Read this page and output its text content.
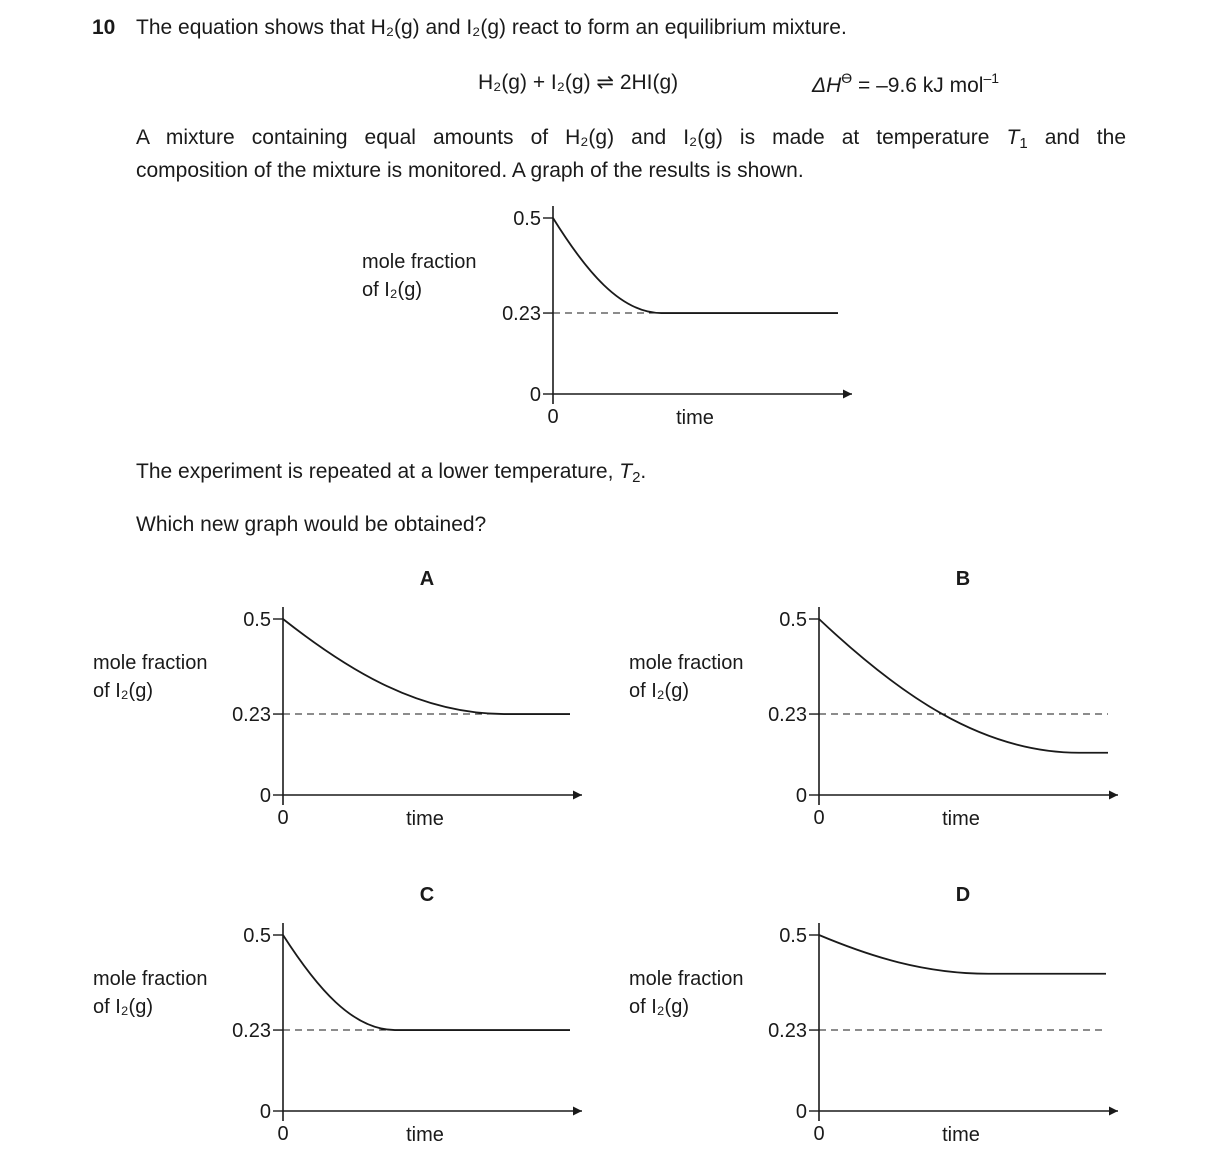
10 The equation shows that H₂(g) and I₂(g) react to form an equilibrium mixture.
H₂(g) + I₂(g) ⇌ 2HI(g)	$\Delta H^ϴ = -9.6$ kJ mol$^{-1}$
A mixture containing equal amounts of H₂(g) and I₂(g) is made at temperature $T_1$ and the
composition of the mixture is monitored. A graph of the results is shown.
The experiment is repeated at a lower temperature, $T_2$.
Which new graph would be obtained?
mole fraction
of I₂(g)
0
0.23
0.5
0	time
A
mole fraction
of I₂(g)
0
0.23
0.5
0	time
B
mole fraction
of I₂(g)
0
0.23
0.5
0	time
C
mole fraction
of I₂(g)
0
0.23
0.5
0	time
D
mole fraction
of I₂(g)
0
0.23
0.5
0	time
